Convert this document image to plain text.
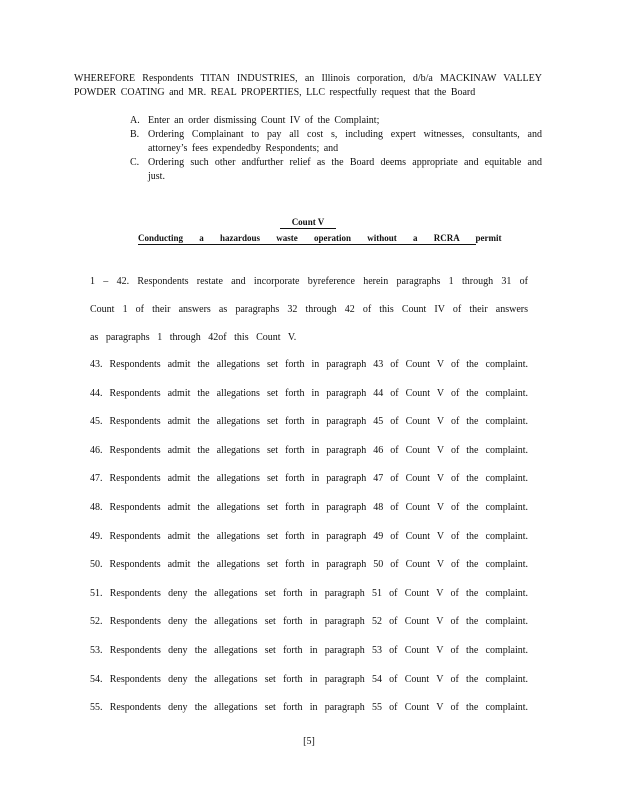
WHEREFORE Respondents TITAN INDUSTRIES, an Illinois corporation, d/b/a MACKINAW VALLEY POWDER COATING and MR. REAL PROPERTIES, LLC respectfully request that the Board
A. Enter an order dismissing Count IV of the Complaint;
B. Ordering Complainant to pay all cost s, including expert witnesses, consultants, and attorney’s fees expendedby Respondents; and
C. Ordering such other andfurther relief as the Board deems appropriate and equitable and just.
Count V
Conducting a hazardous waste operation without a RCRA permit
1 – 42. Respondents restate and incorporate byreference herein paragraphs 1 through 31 of Count 1 of their answers as paragraphs 32 through 42 of this Count IV of their answers as paragraphs 1 through 42of this Count V.
43. Respondents admit the allegations set forth in paragraph 43 of Count V of the complaint.
44. Respondents admit the allegations set forth in paragraph 44 of Count V of the complaint.
45. Respondents admit the allegations set forth in paragraph 45 of Count V of the complaint.
46. Respondents admit the allegations set forth in paragraph 46 of Count V of the complaint.
47. Respondents admit the allegations set forth in paragraph 47 of Count V of the complaint.
48. Respondents admit the allegations set forth in paragraph 48 of Count V of the complaint.
49. Respondents admit the allegations set forth in paragraph 49 of Count V of the complaint.
50. Respondents admit the allegations set forth in paragraph 50 of Count V of the complaint.
51. Respondents deny the allegations set forth in paragraph 51 of Count V of the complaint.
52. Respondents deny the allegations set forth in paragraph 52 of Count V of the complaint.
53. Respondents deny the allegations set forth in paragraph 53 of Count V of the complaint.
54. Respondents deny the allegations set forth in paragraph 54 of Count V of the complaint.
55. Respondents deny the allegations set forth in paragraph 55 of Count V of the complaint.
[5]
